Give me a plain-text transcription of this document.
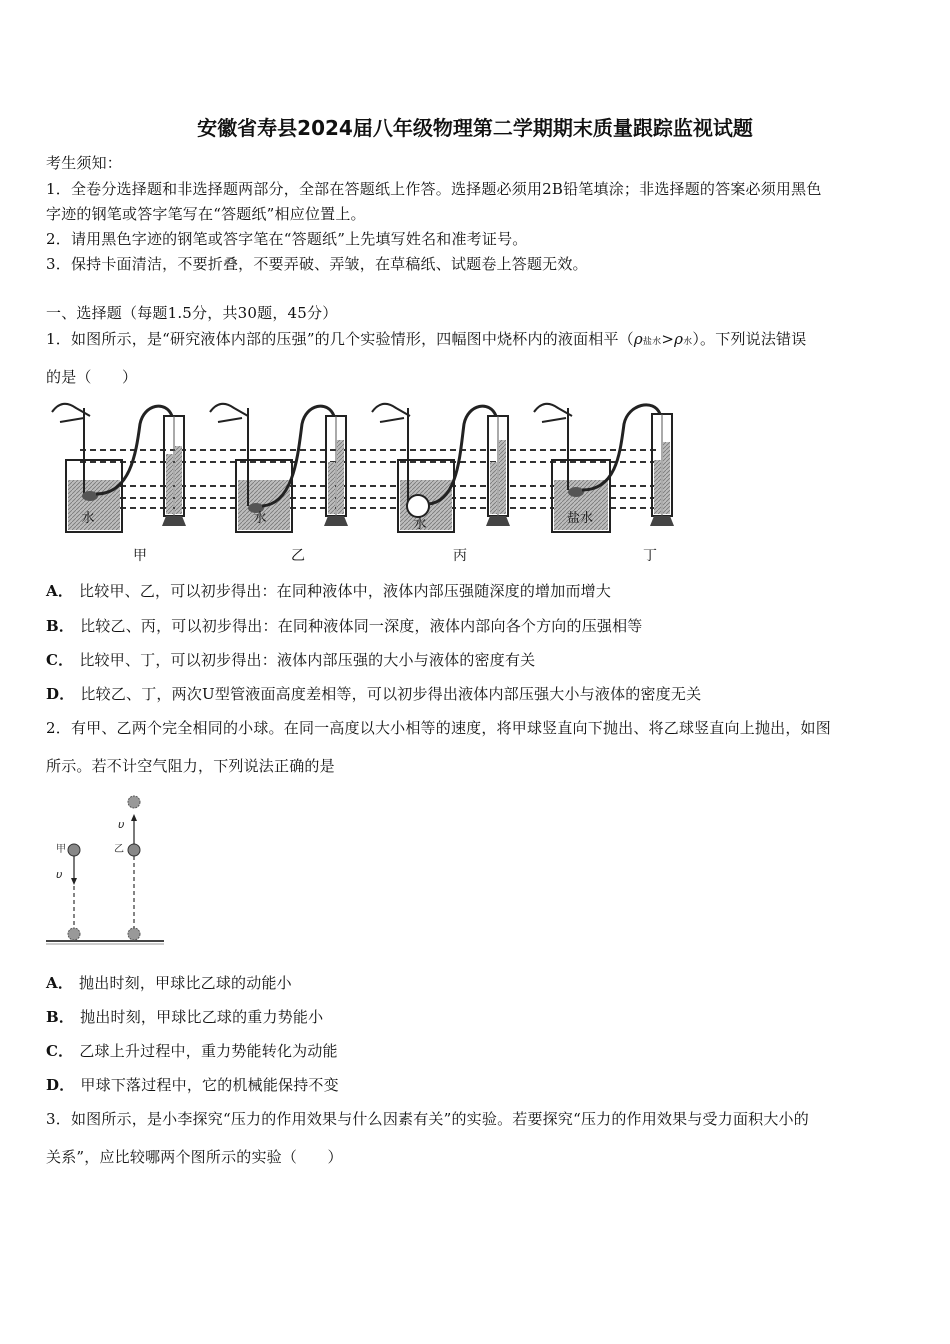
安徽省寿县2024届八年级物理第二学期期末质量跟踪监视试题
考生须知：
1．全卷分选择题和非选择题两部分，全部在答题纸上作答。选择题必须用2B铅笔填涂；非选择题的答案必须用黑色
字迹的钢笔或答字笔写在“答题纸”相应位置上。
2．请用黑色字迹的钢笔或答字笔在“答题纸”上先填写姓名和准考证号。
3．保持卡面清洁，不要折叠，不要弄破、弄皱，在草稿纸、试题卷上答题无效。
一、选择题（每题1.5分，共30题，45分）
1．如图所示，是“研究液体内部的压强”的几个实验情形，四幅图中烧杯内的液面相平（ρ盐水>ρ水）。下列说法错误
的是（　　）
水
甲
水
乙
水
丙
盐水
丁
A． 比较甲、乙，可以初步得出：在同种液体中，液体内部压强随深度的增加而增大
B． 比较乙、丙，可以初步得出：在同种液体同一深度，液体内部向各个方向的压强相等
C． 比较甲、丁，可以初步得出：液体内部压强的大小与液体的密度有关
D． 比较乙、丁，两次U型管液面高度差相等，可以初步得出液体内部压强大小与液体的密度无关
2．有甲、乙两个完全相同的小球。在同一高度以大小相等的速度，将甲球竖直向下抛出、将乙球竖直向上抛出，如图
所示。若不计空气阻力，下列说法正确的是
甲
υ
乙
υ
A． 抛出时刻，甲球比乙球的动能小
B． 抛出时刻，甲球比乙球的重力势能小
C． 乙球上升过程中，重力势能转化为动能
D． 甲球下落过程中，它的机械能保持不变
3．如图所示，是小李探究“压力的作用效果与什么因素有关”的实验。若要探究“压力的作用效果与受力面积大小的
关系”，应比较哪两个图所示的实验（　　）
